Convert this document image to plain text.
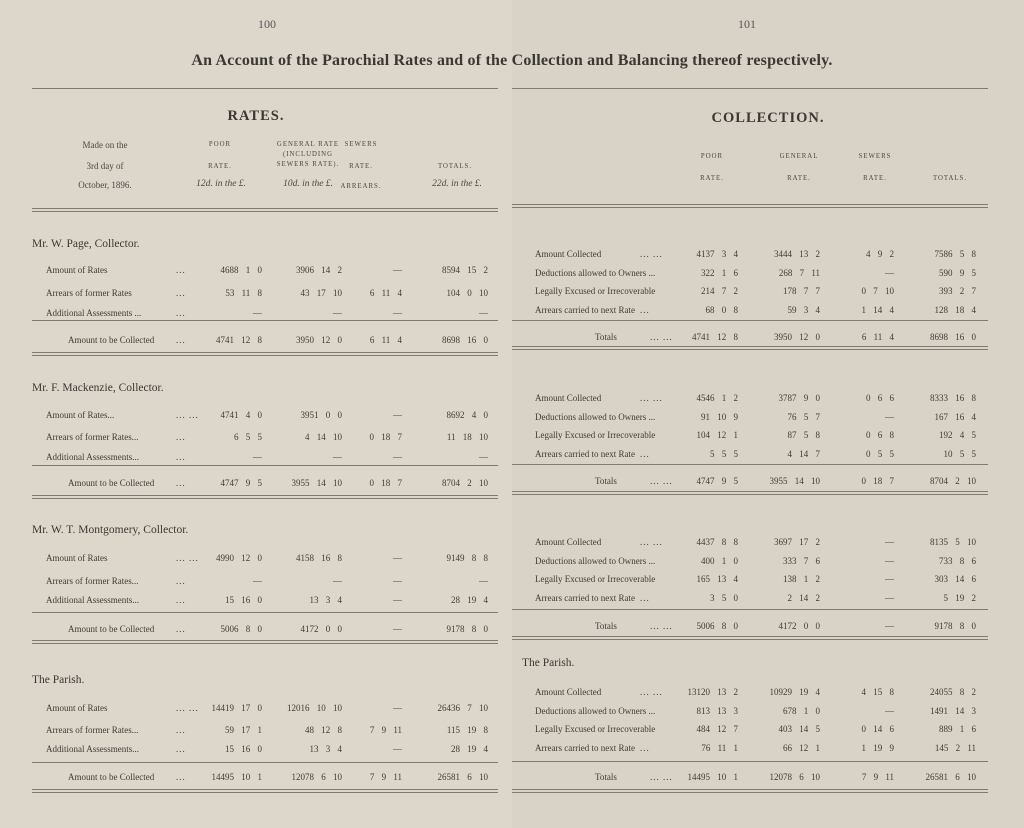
100	101
An Account of the Parochial Rates and of the Collection and Balancing thereof respectively.
RATES.
Made on the
3rd day of
October, 1896.
POOR
RATE.
GENERAL RATE
(INCLUDING
SEWERS RATE).
SEWERS
RATE.
ARREARS.
TOTALS.
12d. in the £.	10d. in the £.	22d. in the £.
COLLECTION.
POOR
RATE.
GENERAL
RATE.
SEWERS
RATE.	TOTALS.
Mr. W. Page, Collector.
Amount of Rates	...	4688 1 0	3906 14 2	—	8594 15 2
Arrears of former Rates	...	53 11 8	43 17 10	6 11 4	104 0 10
Additional Assessments ...	...	—	—	—	—
Amount to be Collected ...	4741 12 8	3950 12 0	6 11 4	8698 16 0
Mr. F. Mackenzie, Collector.
Amount of Rates...	... ... 4741 4 0	3951 0 0	—	8692 4 0
Arrears of former Rates...	...	6 5 5	4 14 10	0 18 7	11 18 10
Additional Assessments...	...	—	—	—	—
Amount to be Collected ...	4747 9 5	3955 14 10	0 18 7	8704 2 10
Mr. W. T. Montgomery, Collector.
Amount of Rates	... ... 4990 12 0	4158 16 8	—	9149 8 8
Arrears of former Rates...	...	—	—	—	—
Additional Assessments...	...	15 16 0	13 3 4	—	28 19 4
Amount to be Collected ...	5006 8 0	4172 0 0	—	9178 8 0
The Parish.
Amount of Rates	... ... 14419 17 0	12016 10 10	—	26436 7 10
Arrears of former Rates...	...	59 17 1	48 12 8	7 9 11	115 19 8
Additional Assessments...	...	15 16 0	13 3 4	—	28 19 4
Amount to be Collected ...	14495 10 1	12078 6 10	7 9 11	26581 6 10
The Parish.
Amount Collected	... ...	4137 3 4	3444 13 2	4 9 2	7586 5 8
Deductions allowed to Owners ...	322 1 6	268 7 11	—	590 9 5
Legally Excused or Irrecoverable	214 7 2	178 7 7	0 7 10	393 2 7
Arrears carried to next Rate ...	68 0 8	59 3 4	1 14 4	128 18 4
Totals	... ... 4741 12 8	3950 12 0	6 11 4	8698 16 0
Amount Collected	... ...	4546 1 2	3787 9 0	0 6 6	8333 16 8
Deductions allowed to Owners ...	91 10 9	76 5 7	—	167 16 4
Legally Excused or Irrecoverable	104 12 1	87 5 8	0 6 8	192 4 5
Arrears carried to next Rate ...	5 5 5	4 14 7	0 5 5	10 5 5
Totals	... ...	4747 9 5	3955 14 10	0 18 7	8704 2 10
Amount Collected	... ...	4437 8 8	3697 17 2	—	8135 5 10
Deductions allowed to Owners ...	400 1 0	333 7 6	—	733 8 6
Legally Excused or Irrecoverable	165 13 4	138 1 2	—	303 14 6
Arrears carried to next Rate ...	3 5 0	2 14 2	—	5 19 2
Totals	... ...	5006 8 0	4172 0 0	—	9178 8 0
Amount Collected	... ...	13120 13 2	10929 19 4	4 15 8	24055 8 2
Deductions allowed to Owners ...	813 13 3	678 1 0	—	1491 14 3
Legally Excused or Irrecoverable	484 12 7	403 14 5	0 14 6	889 1 6
Arrears carried to next Rate ...	76 11 1	66 12 1	1 19 9	145 2 11
Totals	... ... 14495 10 1	12078 6 10	7 9 11	26581 6 10
